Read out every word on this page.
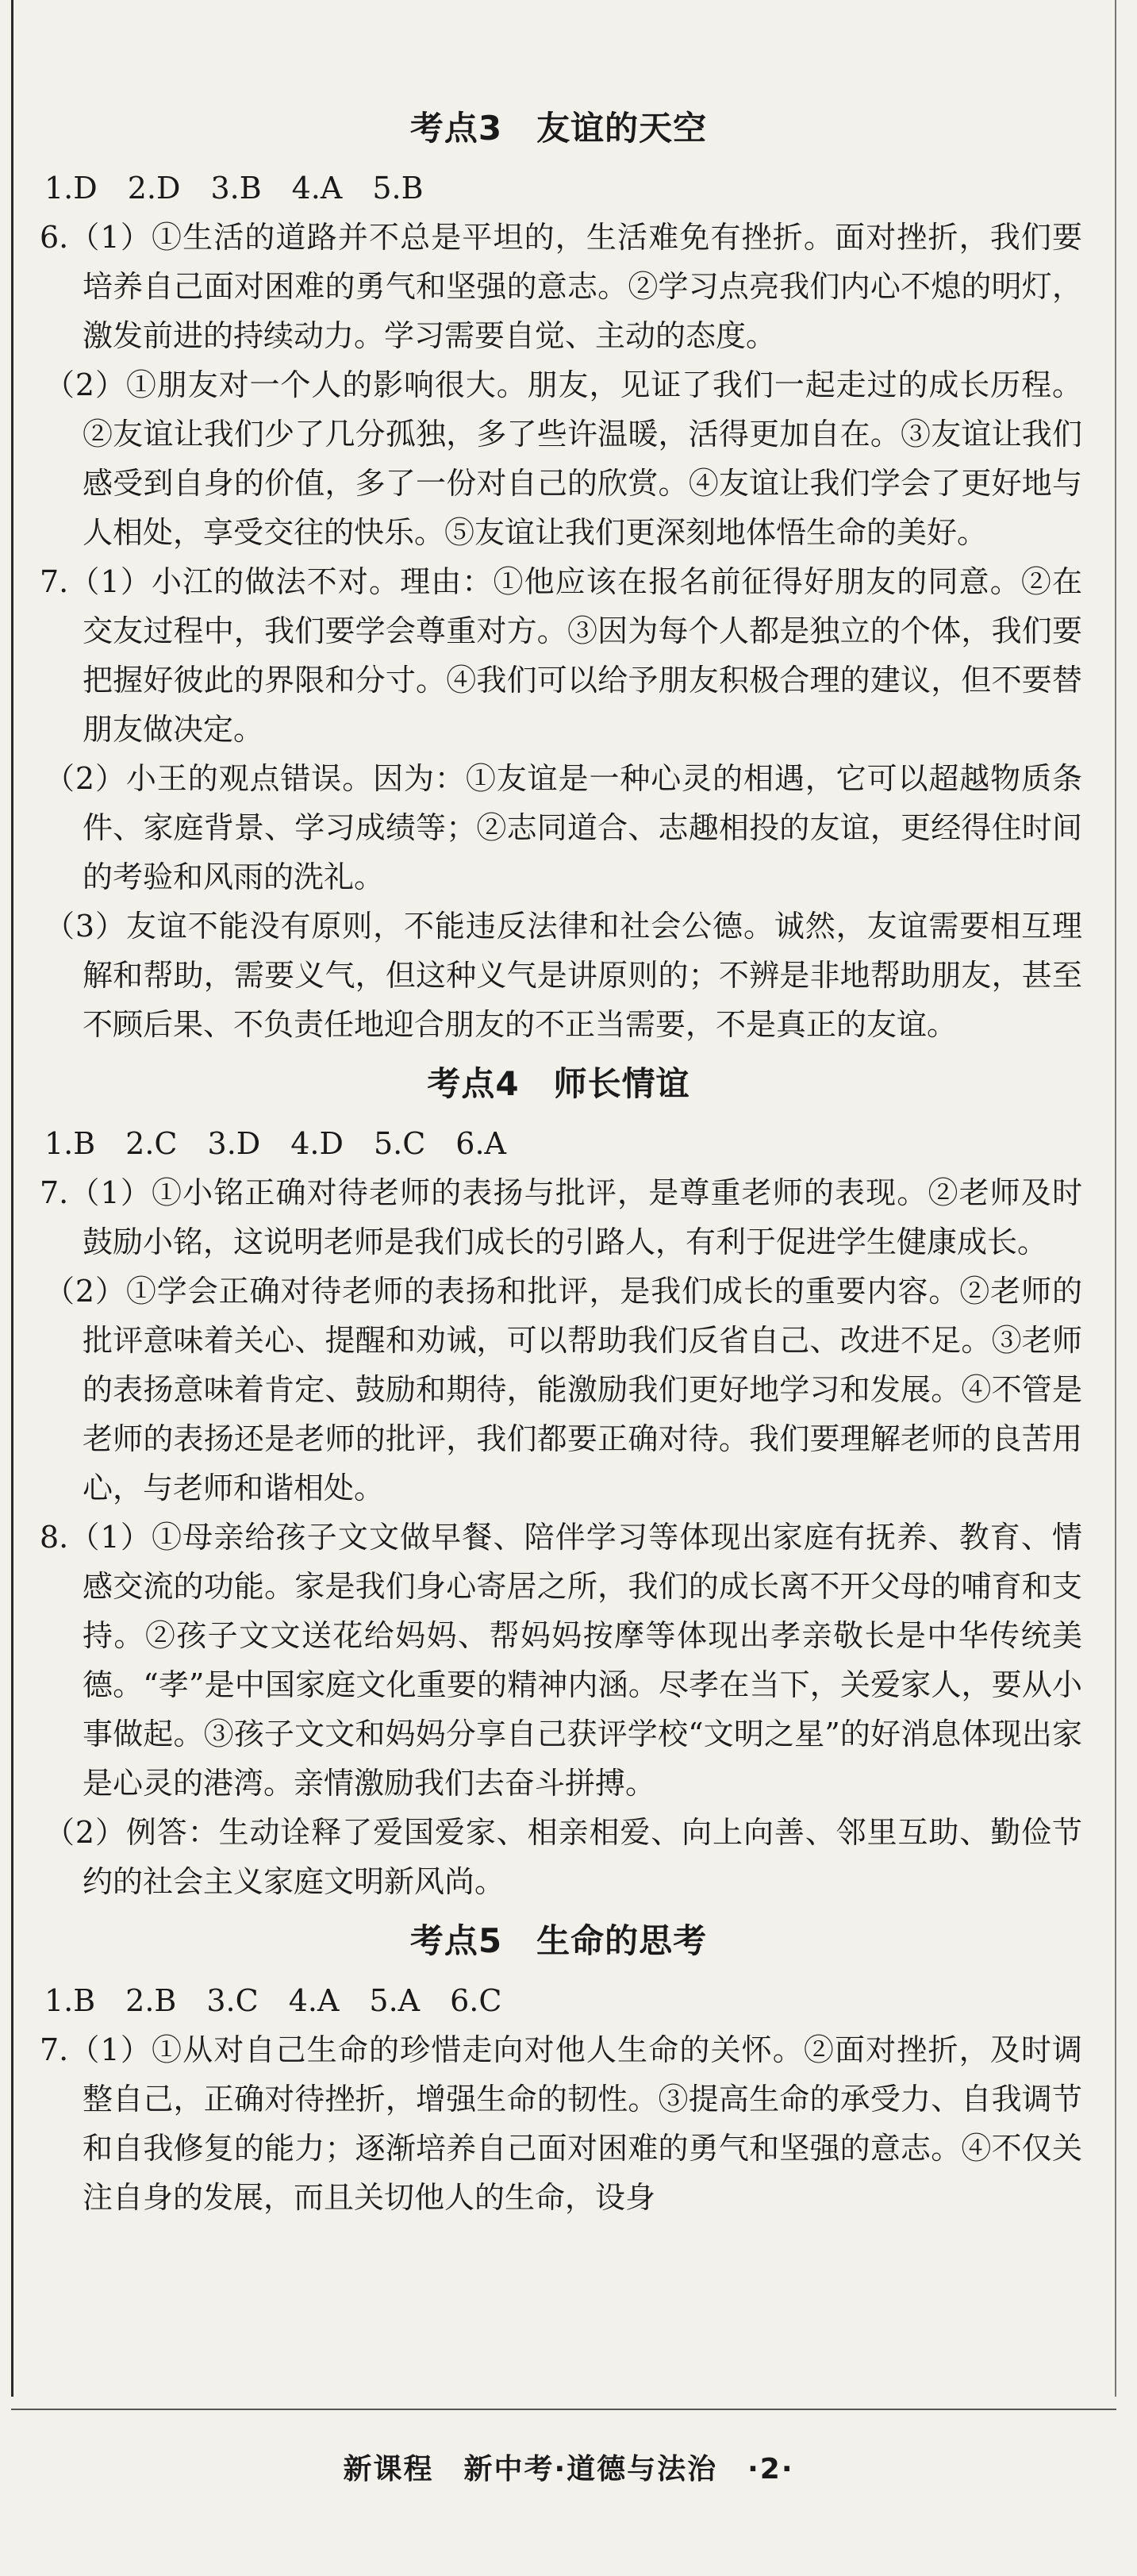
考点3　友谊的天空

1.D　2.D　3.B　4.A　5.B

6.（1）①生活的道路并不总是平坦的，生活难免有挫折。面对挫折，我们要培养自己面对困难的勇气和坚强的意志。②学习点亮我们内心不熄的明灯，激发前进的持续动力。学习需要自觉、主动的态度。

（2）①朋友对一个人的影响很大。朋友，见证了我们一起走过的成长历程。②友谊让我们少了几分孤独，多了些许温暖，活得更加自在。③友谊让我们感受到自身的价值，多了一份对自己的欣赏。④友谊让我们学会了更好地与人相处，享受交往的快乐。⑤友谊让我们更深刻地体悟生命的美好。

7.（1）小江的做法不对。理由：①他应该在报名前征得好朋友的同意。②在交友过程中，我们要学会尊重对方。③因为每个人都是独立的个体，我们要把握好彼此的界限和分寸。④我们可以给予朋友积极合理的建议，但不要替朋友做决定。

（2）小王的观点错误。因为：①友谊是一种心灵的相遇，它可以超越物质条件、家庭背景、学习成绩等；②志同道合、志趣相投的友谊，更经得住时间的考验和风雨的洗礼。

（3）友谊不能没有原则，不能违反法律和社会公德。诚然，友谊需要相互理解和帮助，需要义气，但这种义气是讲原则的；不辨是非地帮助朋友，甚至不顾后果、不负责任地迎合朋友的不正当需要，不是真正的友谊。

考点4　师长情谊

1.B　2.C　3.D　4.D　5.C　6.A

7.（1）①小铭正确对待老师的表扬与批评，是尊重老师的表现。②老师及时鼓励小铭，这说明老师是我们成长的引路人，有利于促进学生健康成长。

（2）①学会正确对待老师的表扬和批评，是我们成长的重要内容。②老师的批评意味着关心、提醒和劝诫，可以帮助我们反省自己、改进不足。③老师的表扬意味着肯定、鼓励和期待，能激励我们更好地学习和发展。④不管是老师的表扬还是老师的批评，我们都要正确对待。我们要理解老师的良苦用心，与老师和谐相处。

8.（1）①母亲给孩子文文做早餐、陪伴学习等体现出家庭有抚养、教育、情感交流的功能。家是我们身心寄居之所，我们的成长离不开父母的哺育和支持。②孩子文文送花给妈妈、帮妈妈按摩等体现出孝亲敬长是中华传统美德。“孝”是中国家庭文化重要的精神内涵。尽孝在当下，关爱家人，要从小事做起。③孩子文文和妈妈分享自己获评学校“文明之星”的好消息体现出家是心灵的港湾。亲情激励我们去奋斗拼搏。

（2）例答：生动诠释了爱国爱家、相亲相爱、向上向善、邻里互助、勤俭节约的社会主义家庭文明新风尚。

考点5　生命的思考

1.B　2.B　3.C　4.A　5.A　6.C

7.（1）①从对自己生命的珍惜走向对他人生命的关怀。②面对挫折，及时调整自己，正确对待挫折，增强生命的韧性。③提高生命的承受力、自我调节和自我修复的能力；逐渐培养自己面对困难的勇气和坚强的意志。④不仅关注自身的发展，而且关切他人的生命，设身

新课程　新中考·道德与法治　·2·
